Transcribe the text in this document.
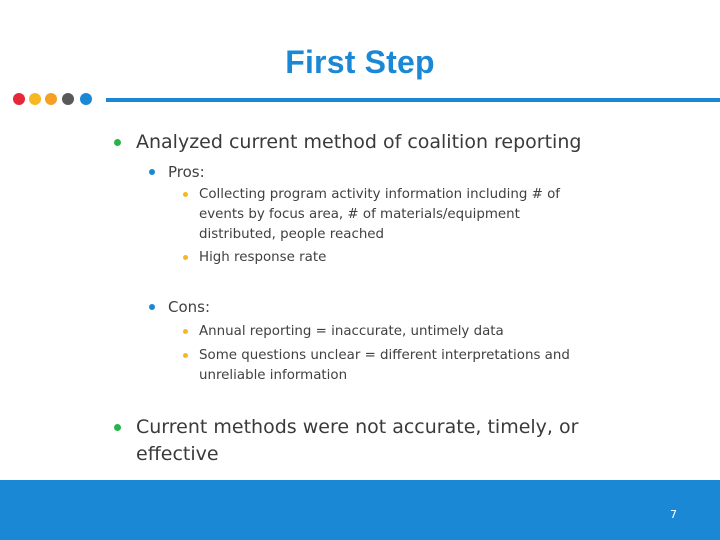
First Step
Analyzed current method of coalition reporting
Pros:
Collecting program activity information including # of events by focus area, # of materials/equipment distributed, people reached
High response rate
Cons:
Annual reporting = inaccurate, untimely data
Some questions unclear = different interpretations and unreliable information
Current methods were not accurate, timely, or effective
7
